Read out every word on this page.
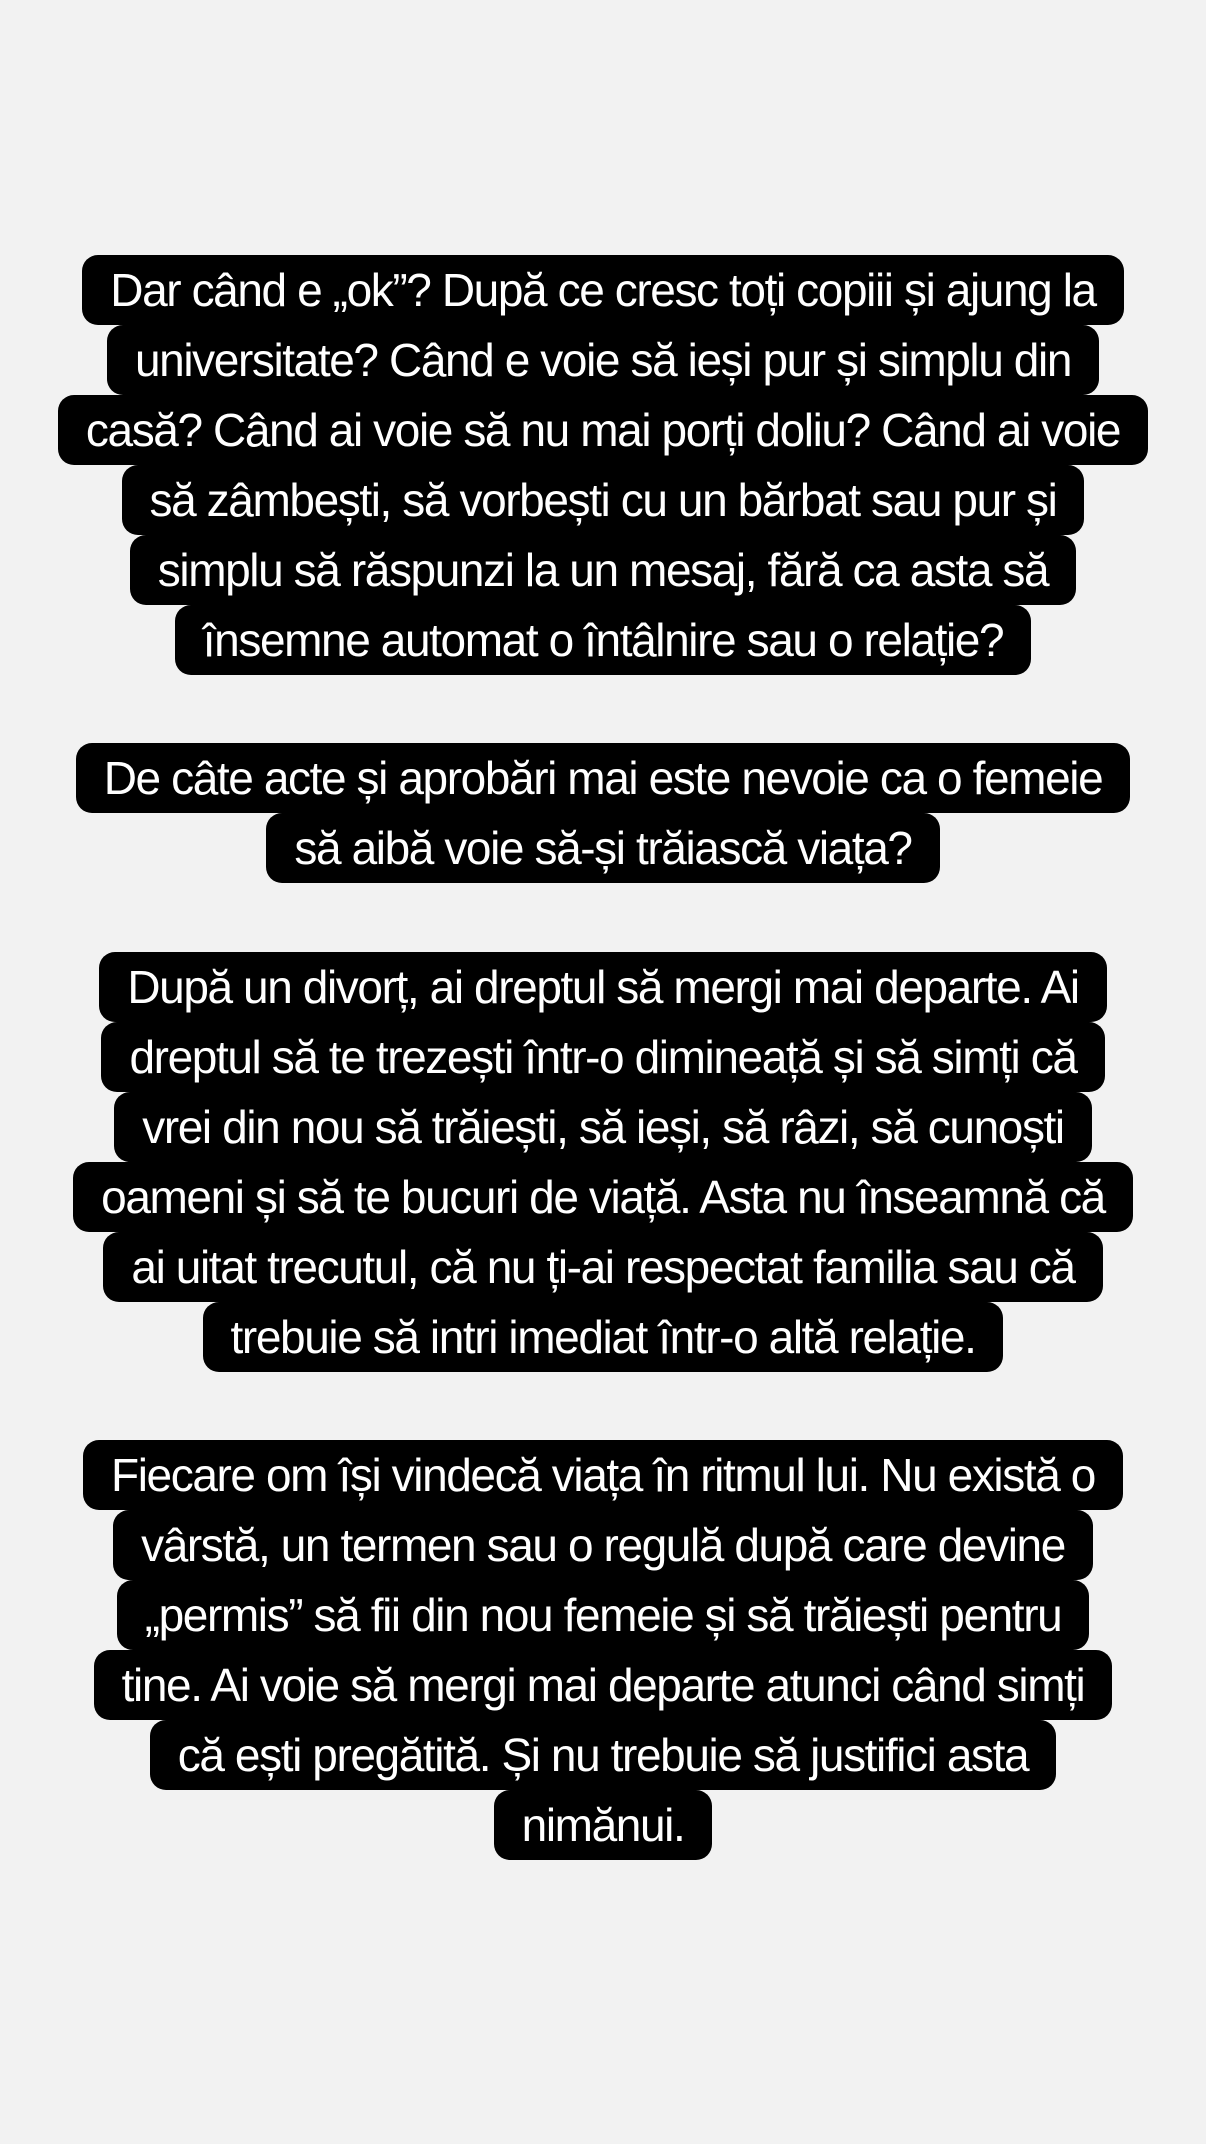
Dar când e „ok”? După ce cresc toți copiii și ajung la
universitate? Când e voie să ieși pur și simplu din
casă? Când ai voie să nu mai porți doliu? Când ai voie
să zâmbești, să vorbești cu un bărbat sau pur și
simplu să răspunzi la un mesaj, fără ca asta să
însemne automat o întâlnire sau o relație?
De câte acte și aprobări mai este nevoie ca o femeie
să aibă voie să-și trăiască viața?
După un divorț, ai dreptul să mergi mai departe. Ai
dreptul să te trezești într-o dimineață și să simți că
vrei din nou să trăiești, să ieși, să râzi, să cunoști
oameni și să te bucuri de viață. Asta nu înseamnă că
ai uitat trecutul, că nu ți-ai respectat familia sau că
trebuie să intri imediat într-o altă relație.
Fiecare om își vindecă viața în ritmul lui. Nu există o
vârstă, un termen sau o regulă după care devine
„permis” să fii din nou femeie și să trăiești pentru
tine. Ai voie să mergi mai departe atunci când simți
că ești pregătită. Și nu trebuie să justifici asta
nimănui.
